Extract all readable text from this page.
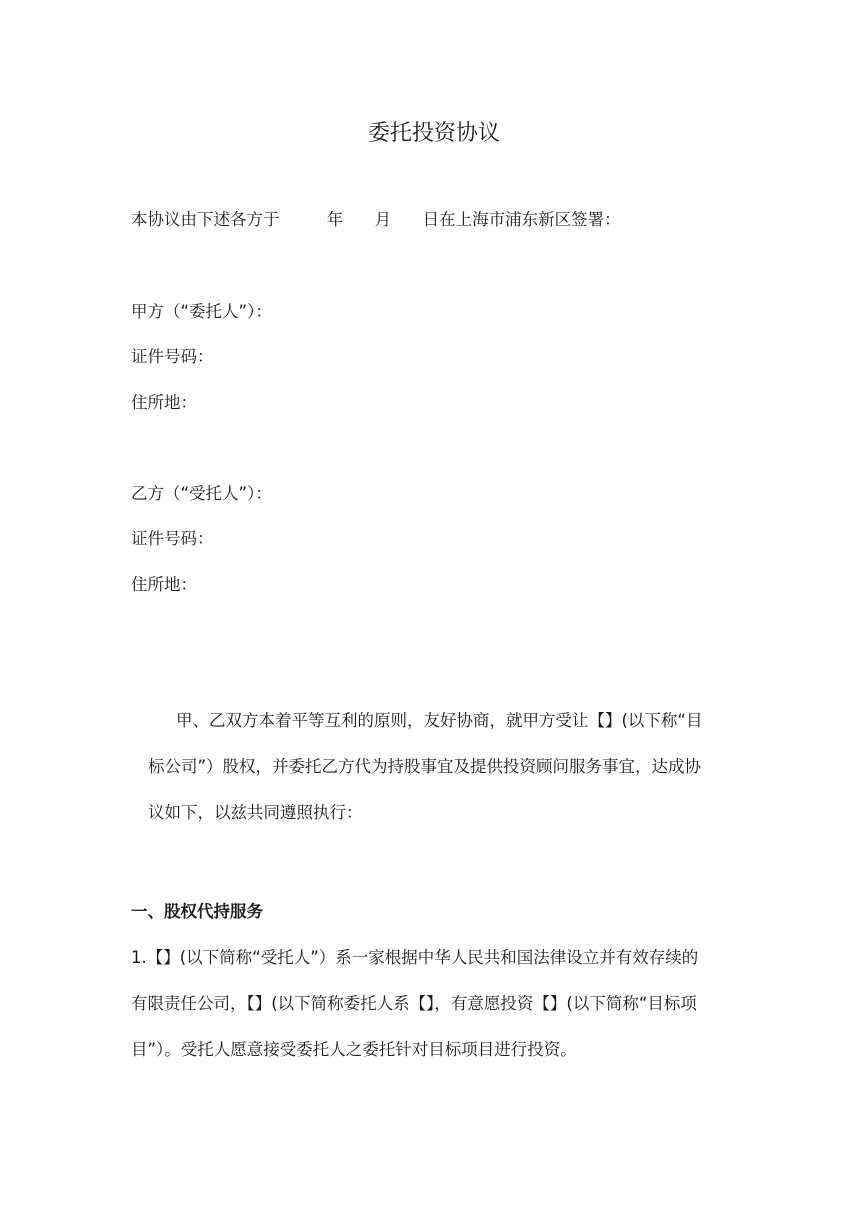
委托投资协议
本协议由下述各方于         年      月      日在上海市浦东新区签署：
甲方（“委托人”）：
证件号码：
住所地：
乙方（“受托人”）：
证件号码：
住所地：
甲、乙双方本着平等互利的原则，友好协商，就甲方受让【】(以下称“目
标公司”）股权，并委托乙方代为持股事宜及提供投资顾问服务事宜，达成协
议如下，以兹共同遵照执行：
一、股权代持服务
1.【】(以下简称“受托人”）系一家根据中华人民共和国法律设立并有效存续的
有限责任公司，【】(以下简称委托人系【】，有意愿投资【】(以下简称“目标项
目”）。受托人愿意接受委托人之委托针对目标项目进行投资。
